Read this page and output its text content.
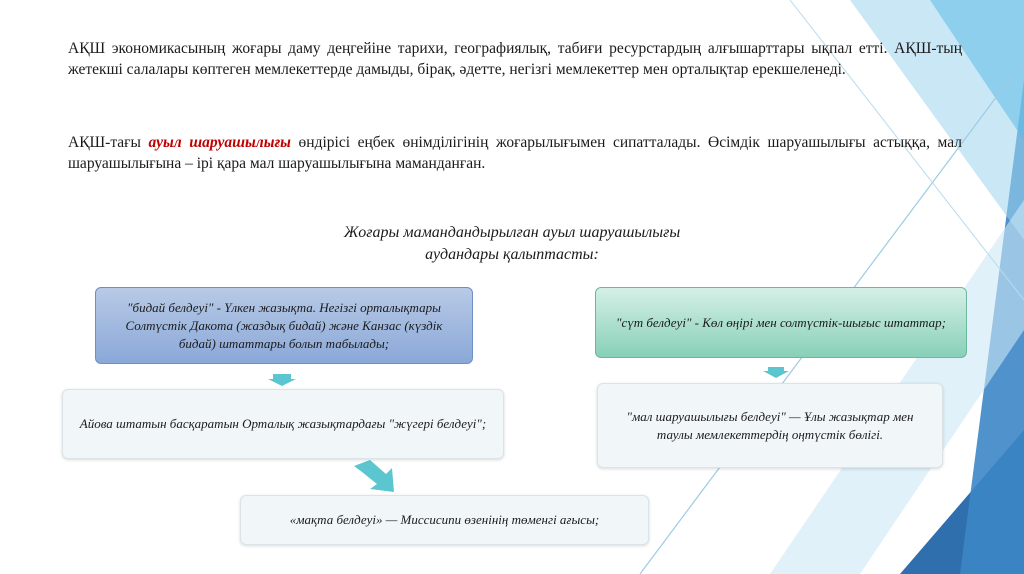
АҚШ экономикасының жоғары даму деңгейіне тарихи, географиялық, табиғи ресурстардың алғышарттары ықпал етті. АҚШ-тың жетекші салалары көптеген мемлекеттерде дамыды, бірақ, әдетте, негізгі мемлекеттер мен орталықтар ерекшеленеді.

АҚШ-тағы ауыл шаруашылығы өндірісі еңбек өнімділігінің жоғарылығымен сипатталады. Өсімдік шаруашылығы астыққа, мал шаруашылығына – ірі қара мал шаруашылығына маманданған.

Жоғары мамандандырылған ауыл шаруашылығы
аудандары қалыптасты:
"бидай белдеуі" - Үлкен жазықта. Негізгі орталықтары Солтүстік Дакота (жаздық бидай) және Канзас (күздік бидай) штаттары болып табылады;
Айова штатын басқаратын Орталық жазықтардағы "жүгері белдеуі";
«мақта белдеуі» — Миссисипи өзенінің төменгі ағысы;
"сүт белдеуі" - Көл өңірі мен солтүстік-шығыс штаттар;
"мал шаруашылығы белдеуі" — Ұлы жазықтар мен таулы мемлекеттердің оңтүстік бөлігі.
